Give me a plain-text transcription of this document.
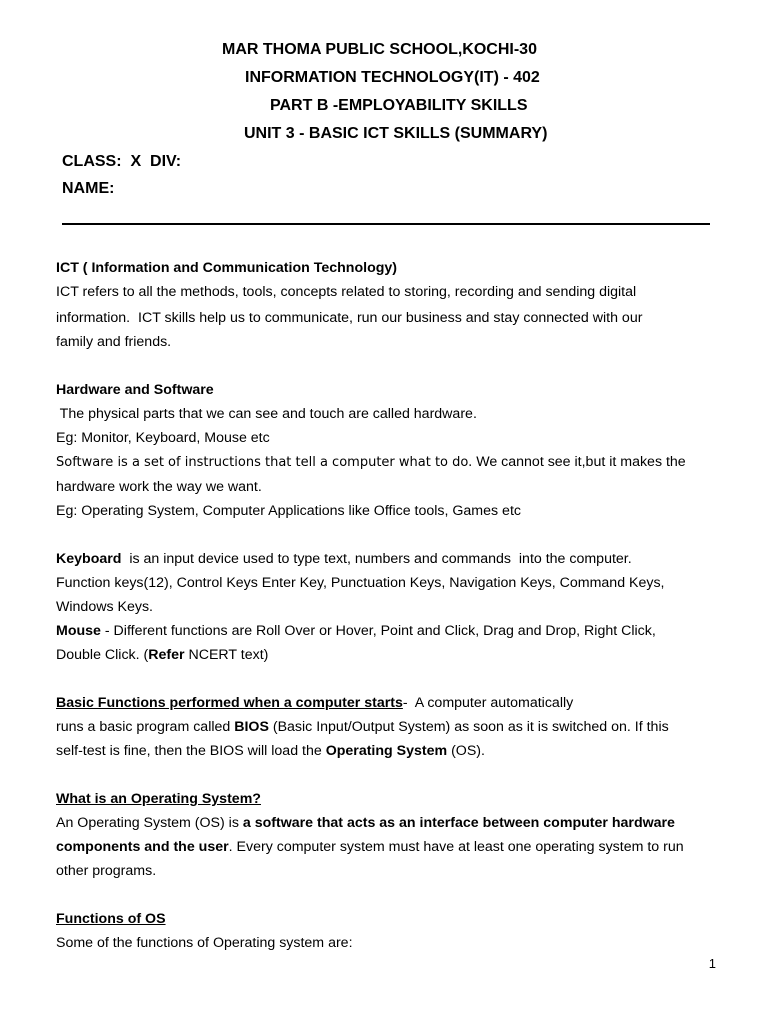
MAR THOMA PUBLIC SCHOOL,KOCHI-30
INFORMATION TECHNOLOGY(IT) - 402
PART B -EMPLOYABILITY SKILLS
UNIT 3 - BASIC ICT SKILLS (SUMMARY)
CLASS:  X  DIV:
NAME:

ICT ( Information and Communication Technology)

ICT refers to all the methods, tools, concepts related to storing, recording and sending digital

information.  ICT skills help us to communicate, run our business and stay connected with our

family and friends.

Hardware and Software

The physical parts that we can see and touch are called hardware.

Eg: Monitor, Keyboard, Mouse etc

Software is a set of instructions that tell a computer what to do. We cannot see it,but it makes the

hardware work the way we want.

Eg: Operating System, Computer Applications like Office tools, Games etc

Keyboard  is an input device used to type text, numbers and commands  into the computer.

Function keys(12), Control Keys Enter Key, Punctuation Keys, Navigation Keys, Command Keys,

Windows Keys.

Mouse - Different functions are Roll Over or Hover, Point and Click, Drag and Drop, Right Click,

Double Click. (Refer NCERT text)

Basic Functions performed when a computer starts-  A computer automatically

runs a basic program called BIOS (Basic Input/Output System) as soon as it is switched on. If this

self-test is fine, then the BIOS will load the Operating System (OS).

What is an Operating System?

An Operating System (OS) is a software that acts as an interface between computer hardware

components and the user. Every computer system must have at least one operating system to run

other programs.

Functions of OS

Some of the functions of Operating system are:

1
